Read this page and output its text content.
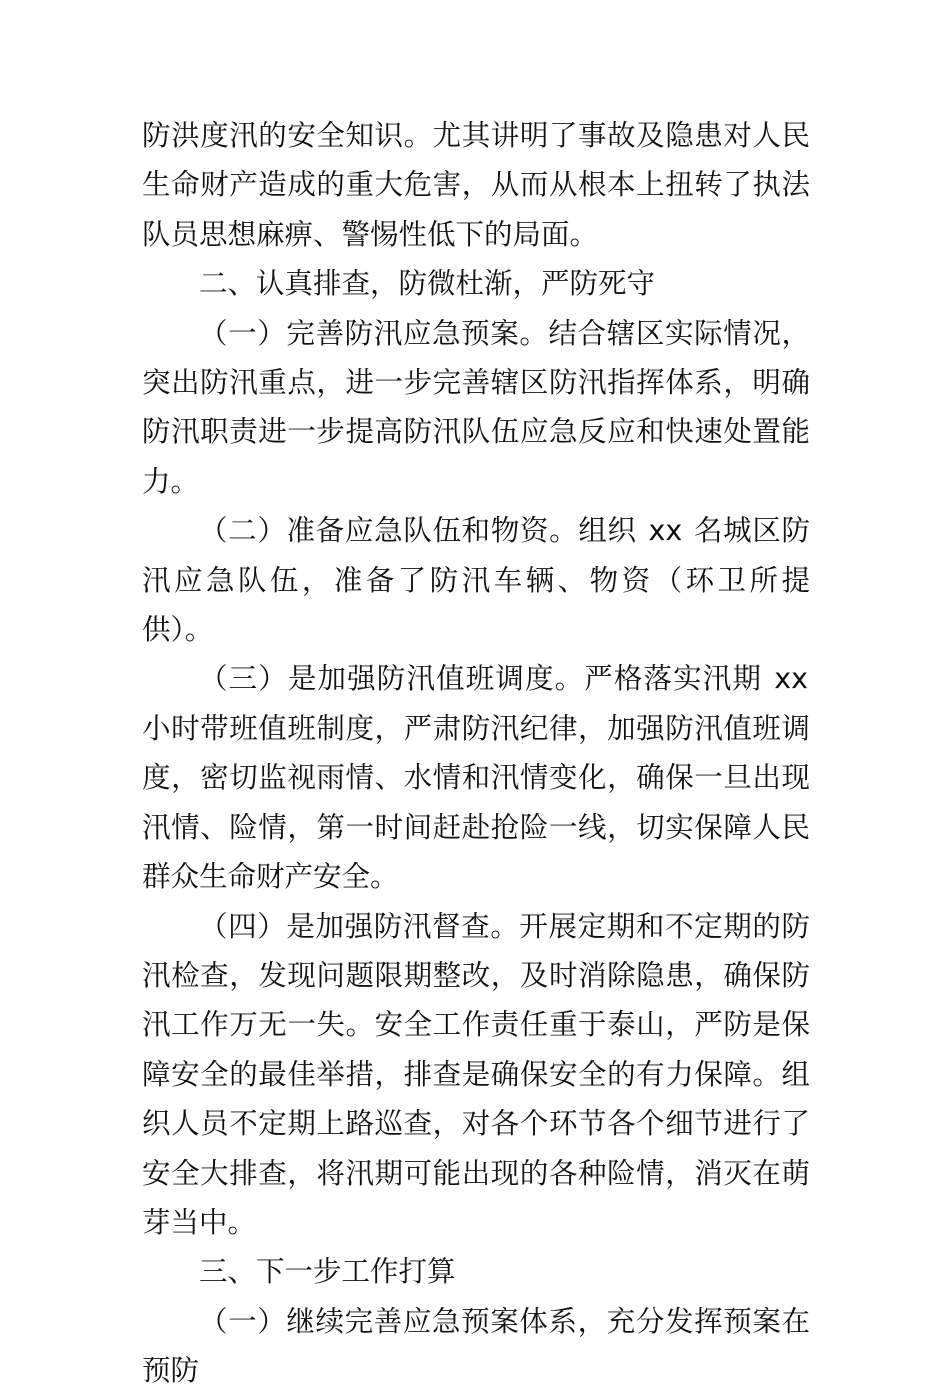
防洪度汛的安全知识。尤其讲明了事故及隐患对人民生命财产造成的重大危害，从而从根本上扭转了执法队员思想麻痹、警惕性低下的局面。

二、认真排查，防微杜渐，严防死守

（一）完善防汛应急预案。结合辖区实际情况，突出防汛重点，进一步完善辖区防汛指挥体系，明确防汛职责进一步提高防汛队伍应急反应和快速处置能力。

（二）准备应急队伍和物资。组织 xx 名城区防汛应急队伍，准备了防汛车辆、物资（环卫所提供）。

（三）是加强防汛值班调度。严格落实汛期 xx 小时带班值班制度，严肃防汛纪律，加强防汛值班调度，密切监视雨情、水情和汛情变化，确保一旦出现汛情、险情，第一时间赶赴抢险一线，切实保障人民群众生命财产安全。

（四）是加强防汛督查。开展定期和不定期的防汛检查，发现问题限期整改，及时消除隐患，确保防汛工作万无一失。安全工作责任重于泰山，严防是保障安全的最佳举措，排查是确保安全的有力保障。组织人员不定期上路巡查，对各个环节各个细节进行了安全大排查，将汛期可能出现的各种险情，消灭在萌芽当中。

三、下一步工作打算

（一）继续完善应急预案体系，充分发挥预案在预防
